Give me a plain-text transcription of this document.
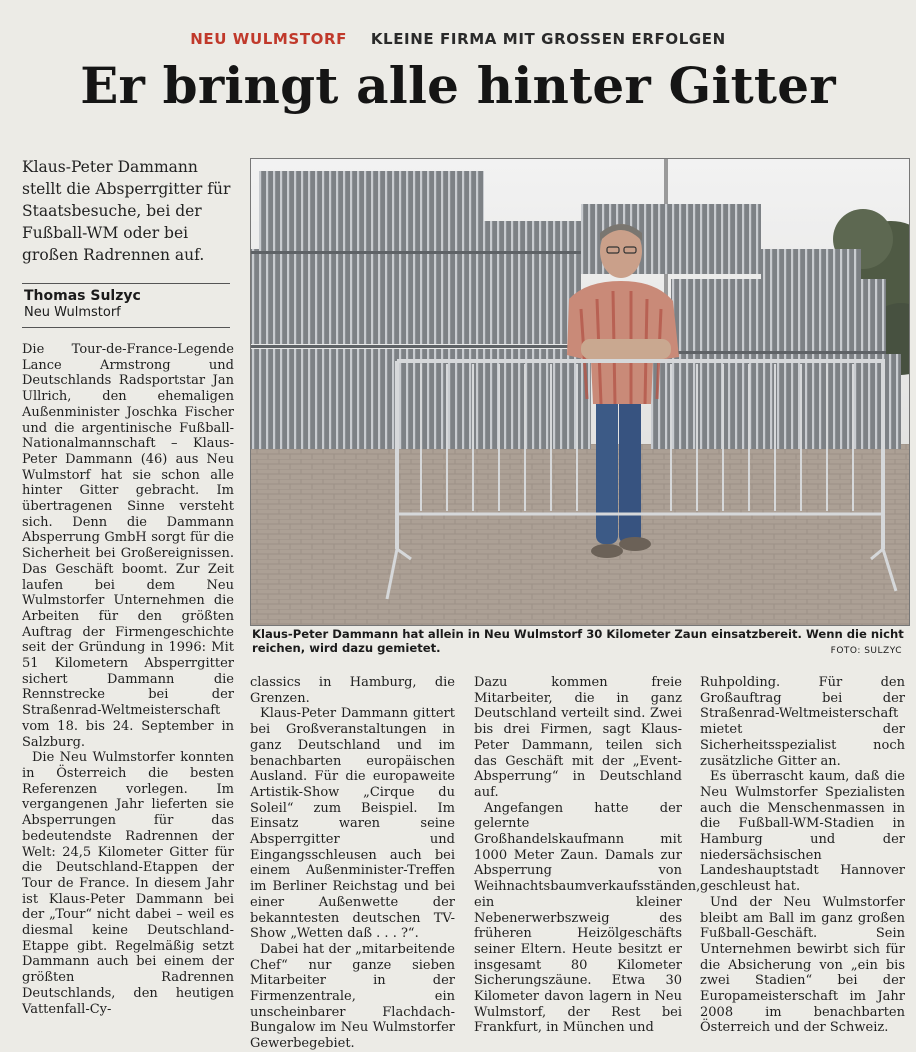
NEU WULMSTORF KLEINE FIRMA MIT GROSSEN ERFOLGEN
Er bringt alle hinter Gitter
Klaus-Peter Dammann stellt die Absperrgitter für Staatsbesuche, bei der Fußball-WM oder bei großen Radrennen auf.
Thomas Sulzyc
Neu Wulmstorf
Klaus-Peter Dammann hat allein in Neu Wulmstorf 30 Kilometer Zaun einsatzbereit. Wenn die nicht reichen, wird dazu gemietet.	FOTO: SULZYC

Die Tour-de-France-Legende Lance Armstrong und Deutschlands Radsportstar Jan Ullrich, den ehemaligen Außenminister Joschka Fischer und die argentinische Fußball-Nationalmannschaft – Klaus-Peter Dammann (46) aus Neu Wulmstorf hat sie schon alle hinter Gitter gebracht. Im übertragenen Sinne versteht sich. Denn die Dammann Absperrung GmbH sorgt für die Sicherheit bei Großereignissen. Das Geschäft boomt. Zur Zeit laufen bei dem Neu Wulmstorfer Unternehmen die Arbeiten für den größten Auftrag der Firmengeschichte seit der Gründung in 1996: Mit 51 Kilometern Absperrgitter sichert Dammann die Rennstrecke bei der Straßenrad-Weltmeisterschaft vom 18. bis 24. September in Salzburg.

Die Neu Wulmstorfer konnten in Österreich die besten Referenzen vorlegen. Im vergangenen Jahr lieferten sie Absperrungen für das bedeutendste Radrennen der Welt: 24,5 Kilometer Gitter für die Deutschland-Etappen der Tour de France. In diesem Jahr ist Klaus-Peter Dammann bei der „Tour“ nicht dabei – weil es diesmal keine Deutschland-Etappe gibt. Regelmäßig setzt Dammann auch bei einem der größten Radrennen Deutschlands, den heutigen Vattenfall-Cy-

classics in Hamburg, die Grenzen.

Klaus-Peter Dammann gittert bei Großveranstaltungen in ganz Deutschland und im benachbarten europäischen Ausland. Für die europaweite Artistik-Show „Cirque du Soleil“ zum Beispiel. Im Einsatz waren seine Absperrgitter und Eingangsschleusen auch bei einem Außenminister-Treffen im Berliner Reichstag und bei einer Außenwette der bekanntesten deutschen TV-Show „Wetten daß . . . ?“.

Dabei hat der „mitarbeitende Chef“ nur ganze sieben Mitarbeiter in der Firmenzentrale, ein unscheinbarer Flachdach-Bungalow im Neu Wulmstorfer Gewerbegebiet.

Dazu kommen freie Mitarbeiter, die in ganz Deutschland verteilt sind. Zwei bis drei Firmen, sagt Klaus-Peter Dammann, teilen sich das Geschäft mit der „Event-Absperrung“ in Deutschland auf.

Angefangen hatte der gelernte Großhandelskaufmann mit 1000 Meter Zaun. Damals zur Absperrung von Weihnachtsbaumverkaufsständen, ein kleiner Nebenerwerbszweig des früheren Heizölgeschäfts seiner Eltern. Heute besitzt er insgesamt 80 Kilometer Sicherungszäune. Etwa 30 Kilometer davon lagern in Neu Wulmstorf, der Rest bei Frankfurt, in München und

Ruhpolding. Für den Großauftrag bei der Straßenrad-Weltmeisterschaft mietet der Sicherheitsspezialist noch zusätzliche Gitter an.

Es überrascht kaum, daß die Neu Wulmstorfer Spezialisten auch die Menschenmassen in die Fußball-WM-Stadien in Hamburg und der niedersächsischen Landeshauptstadt Hannover geschleust hat.

Und der Neu Wulmstorfer bleibt am Ball im ganz großen Fußball-Geschäft. Sein Unternehmen bewirbt sich für die Absicherung von „ein bis zwei Stadien“ bei der Europameisterschaft im Jahr 2008 im benachbarten Österreich und der Schweiz.
